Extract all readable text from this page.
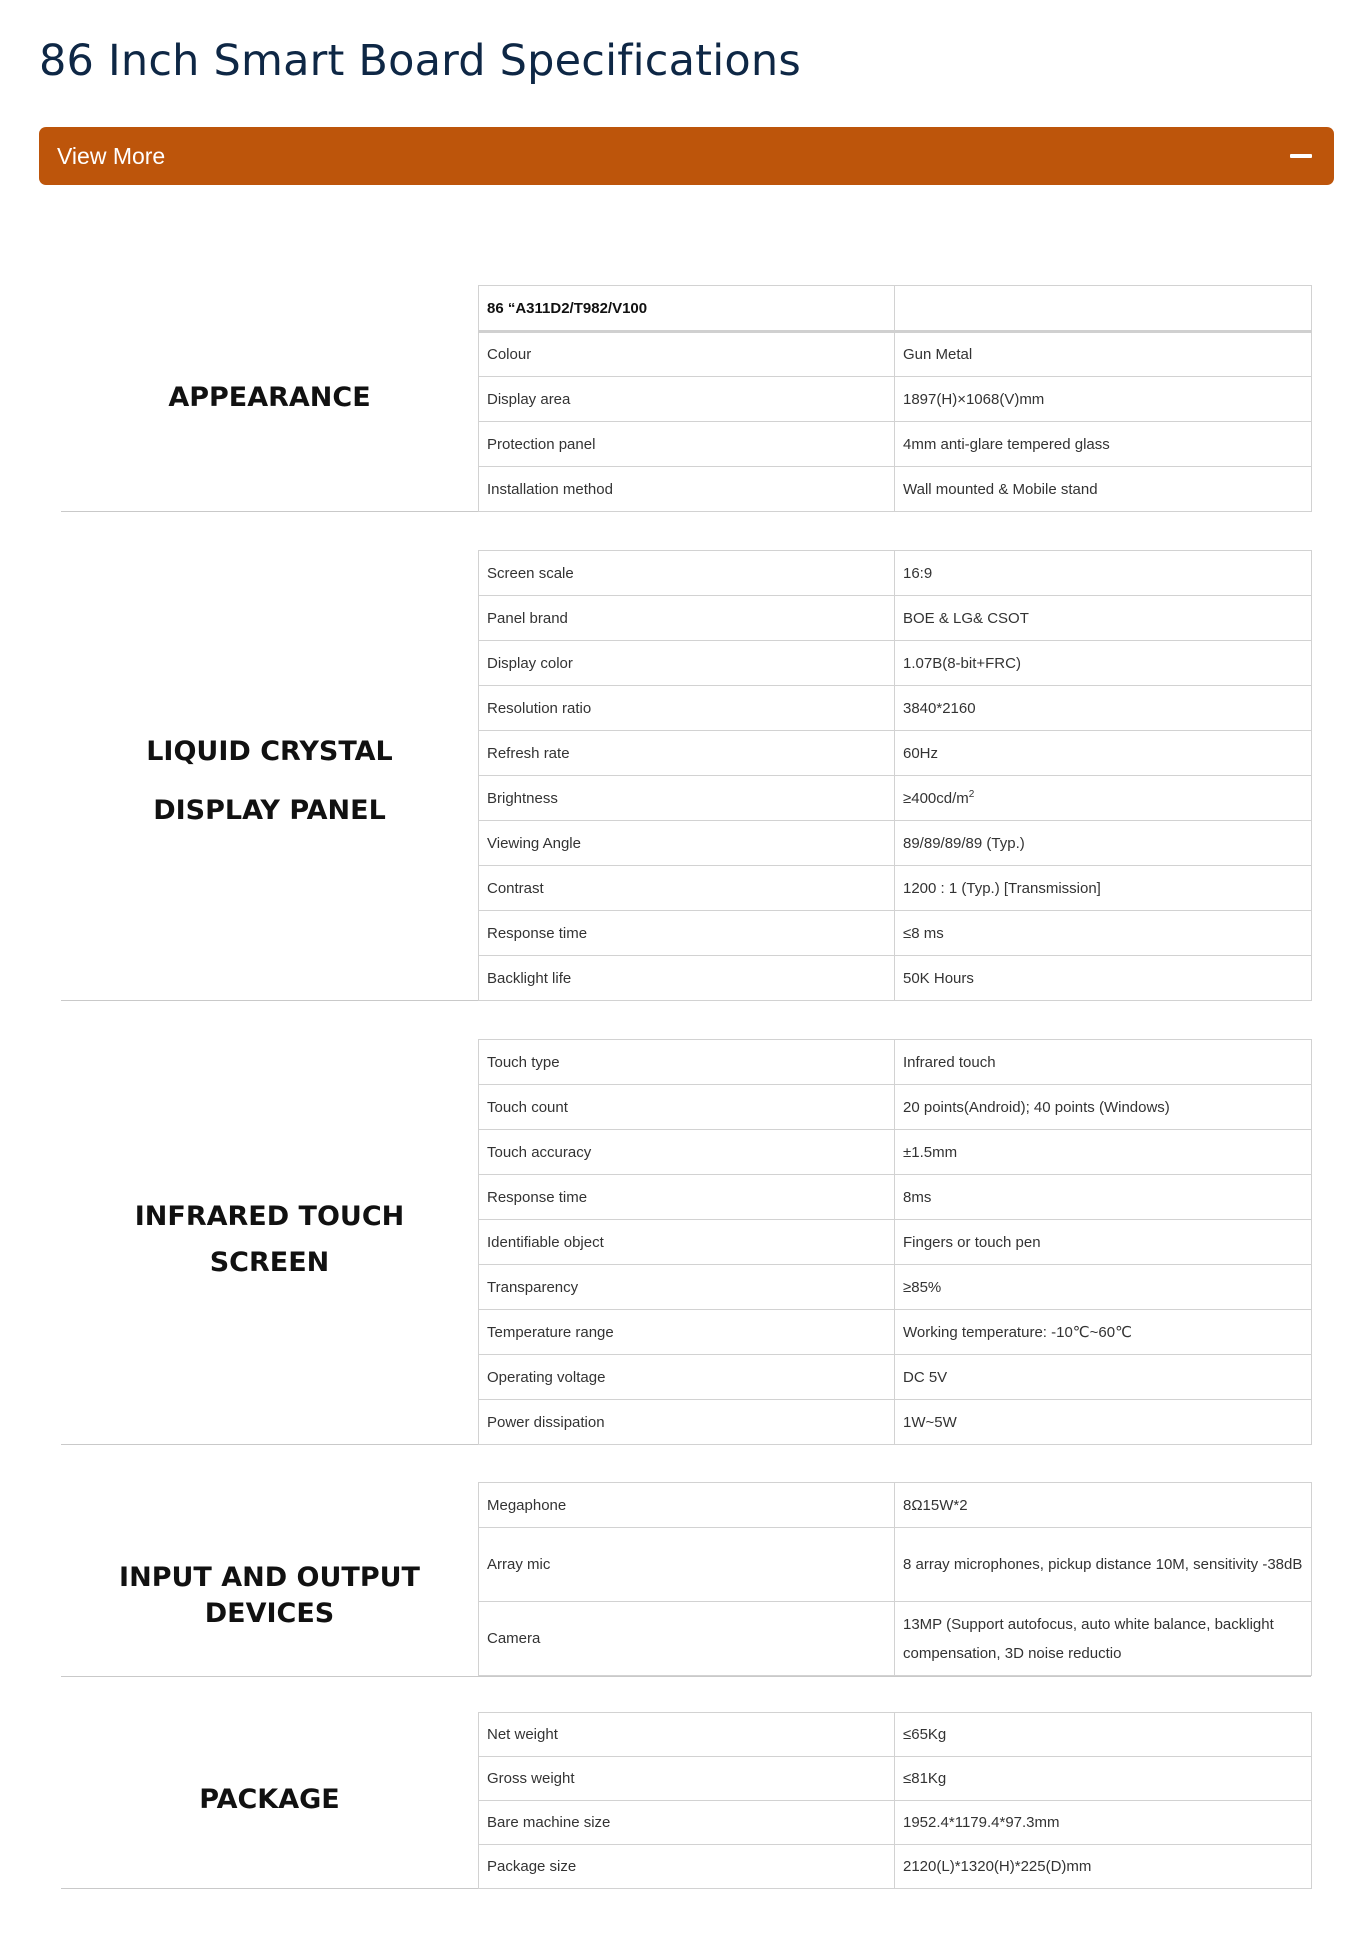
86 Inch Smart Board Specifications
View More
APPEARANCE
86 “A311D2/T982/V100	
Colour	Gun Metal
Display area	1897(H)×1068(V)mm
Protection panel	4mm anti-glare tempered glass
Installation method	Wall mounted & Mobile stand
LIQUID CRYSTAL
DISPLAY PANEL
Screen scale	16:9
Panel brand	BOE & LG& CSOT
Display color	1.07B(8-bit+FRC)
Resolution ratio	3840*2160
Refresh rate	60Hz
Brightness	$\ge 400cd/m^2$
Viewing Angle	89/89/89/89 (Typ.)
Contrast	1200 : 1 (Typ.) [Transmission]
Response time	≤8 ms
Backlight life	50K Hours
INFRARED TOUCH
SCREEN
Touch type	Infrared touch
Touch count	20 points(Android); 40 points (Windows)
Touch accuracy	±1.5mm
Response time	8ms
Identifiable object	Fingers or touch pen
Transparency	≥85%
Temperature range	Working temperature: -10℃~60℃
Operating voltage	DC 5V
Power dissipation	1W~5W
INPUT AND OUTPUT DEVICES
Megaphone	8Ω15W*2
Array mic	8 array microphones, pickup distance 10M, sensitivity -38dB
Camera	13MP (Support autofocus, auto white balance, backlight compensation, 3D noise reductio
PACKAGE
Net weight	≤65Kg
Gross weight	≤81Kg
Bare machine size	1952.4*1179.4*97.3mm
Package size	2120(L)*1320(H)*225(D)mm
